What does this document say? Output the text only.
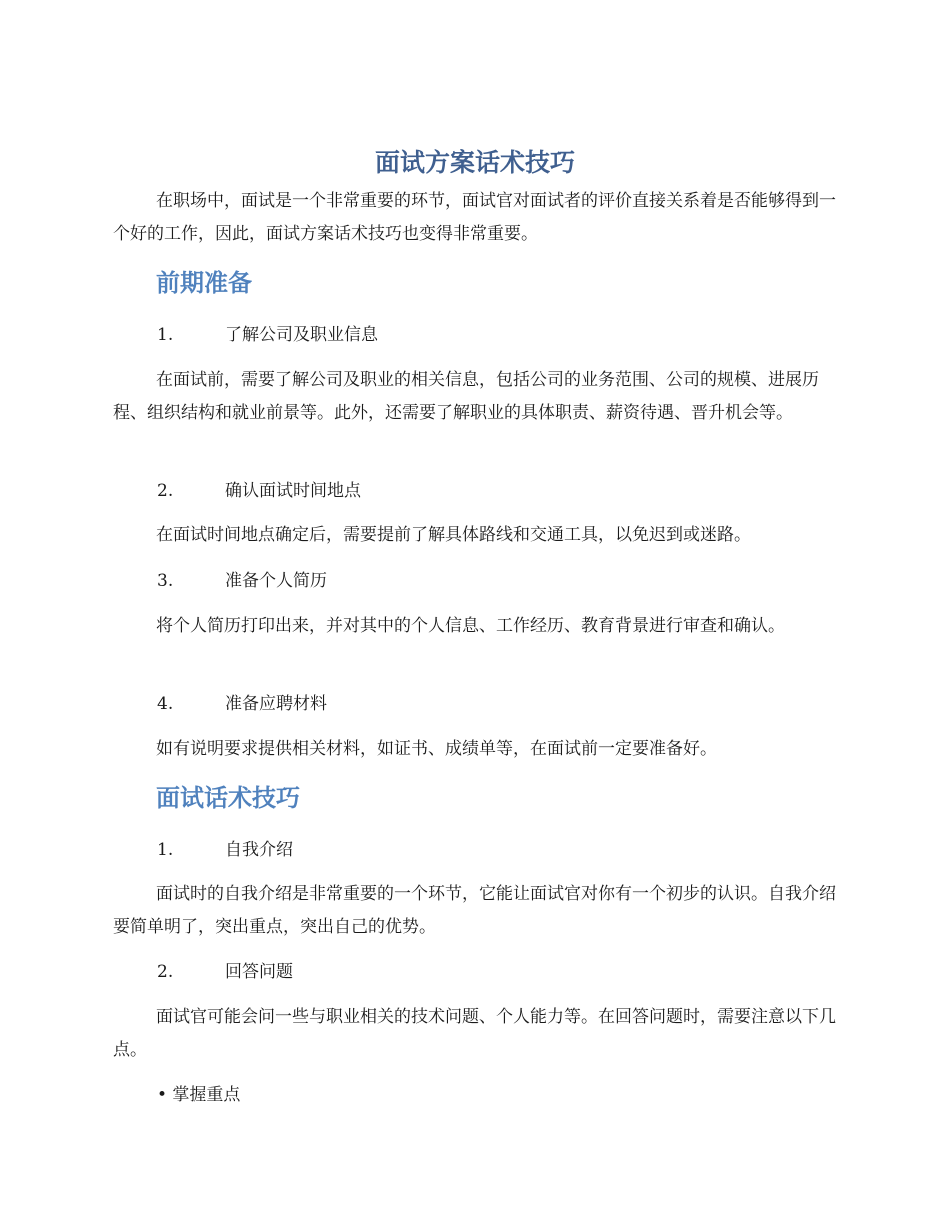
面试方案话术技巧

在职场中，面试是一个非常重要的环节，面试官对面试者的评价直接关系着是否能够得到一个好的工作，因此，面试方案话术技巧也变得非常重要。

前期准备
1.	了解公司及职业信息

在面试前，需要了解公司及职业的相关信息，包括公司的业务范围、公司的规模、进展历程、组织结构和就业前景等。此外，还需要了解职业的具体职责、薪资待遇、晋升机会等。

2.	确认面试时间地点

在面试时间地点确定后，需要提前了解具体路线和交通工具，以免迟到或迷路。

3.	准备个人简历

将个人简历打印出来，并对其中的个人信息、工作经历、教育背景进行审查和确认。

4.	准备应聘材料

如有说明要求提供相关材料，如证书、成绩单等，在面试前一定要准备好。

面试话术技巧
1.	自我介绍

面试时的自我介绍是非常重要的一个环节，它能让面试官对你有一个初步的认识。自我介绍要简单明了，突出重点，突出自己的优势。

2.	回答问题

面试官可能会问一些与职业相关的技术问题、个人能力等。在回答问题时，需要注意以下几点。

• 掌握重点
